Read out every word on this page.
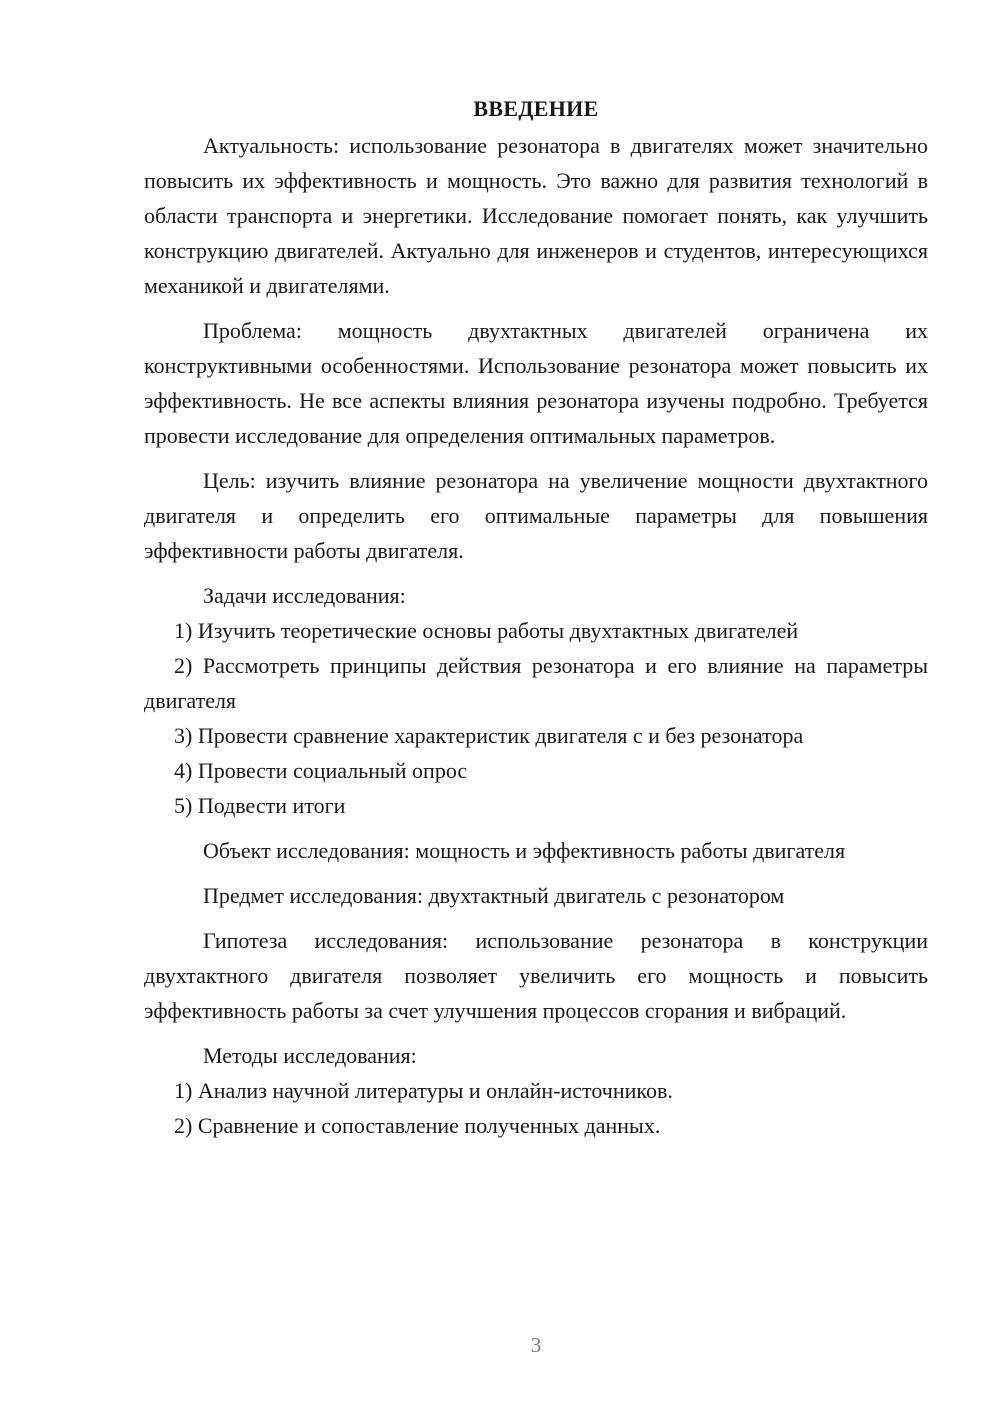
ВВЕДЕНИЕ

Актуальность: использование резонатора в двигателях может значительно повысить их эффективность и мощность. Это важно для развития технологий в области транспорта и энергетики. Исследование помогает понять, как улучшить конструкцию двигателей. Актуально для инженеров и студентов, интересующихся механикой и двигателями.

Проблема: мощность двухтактных двигателей ограничена их конструктивными особенностями. Использование резонатора может повысить их эффективность. Не все аспекты влияния резонатора изучены подробно. Требуется провести исследование для определения оптимальных параметров.

Цель: изучить влияние резонатора на увеличение мощности двухтактного двигателя и определить его оптимальные параметры для повышения эффективности работы двигателя.

Задачи исследования:

1) Изучить теоретические основы работы двухтактных двигателей

2) Рассмотреть принципы действия резонатора и его влияние на параметры двигателя

3) Провести сравнение характеристик двигателя с и без резонатора

4) Провести социальный опрос

5) Подвести итоги

Объект исследования: мощность и эффективность работы двигателя

Предмет исследования: двухтактный двигатель с резонатором

Гипотеза исследования: использование резонатора в конструкции двухтактного двигателя позволяет увеличить его мощность и повысить эффективность работы за счет улучшения процессов сгорания и вибраций.

Методы исследования:

1) Анализ научной литературы и онлайн-источников.

2) Сравнение и сопоставление полученных данных.

3
